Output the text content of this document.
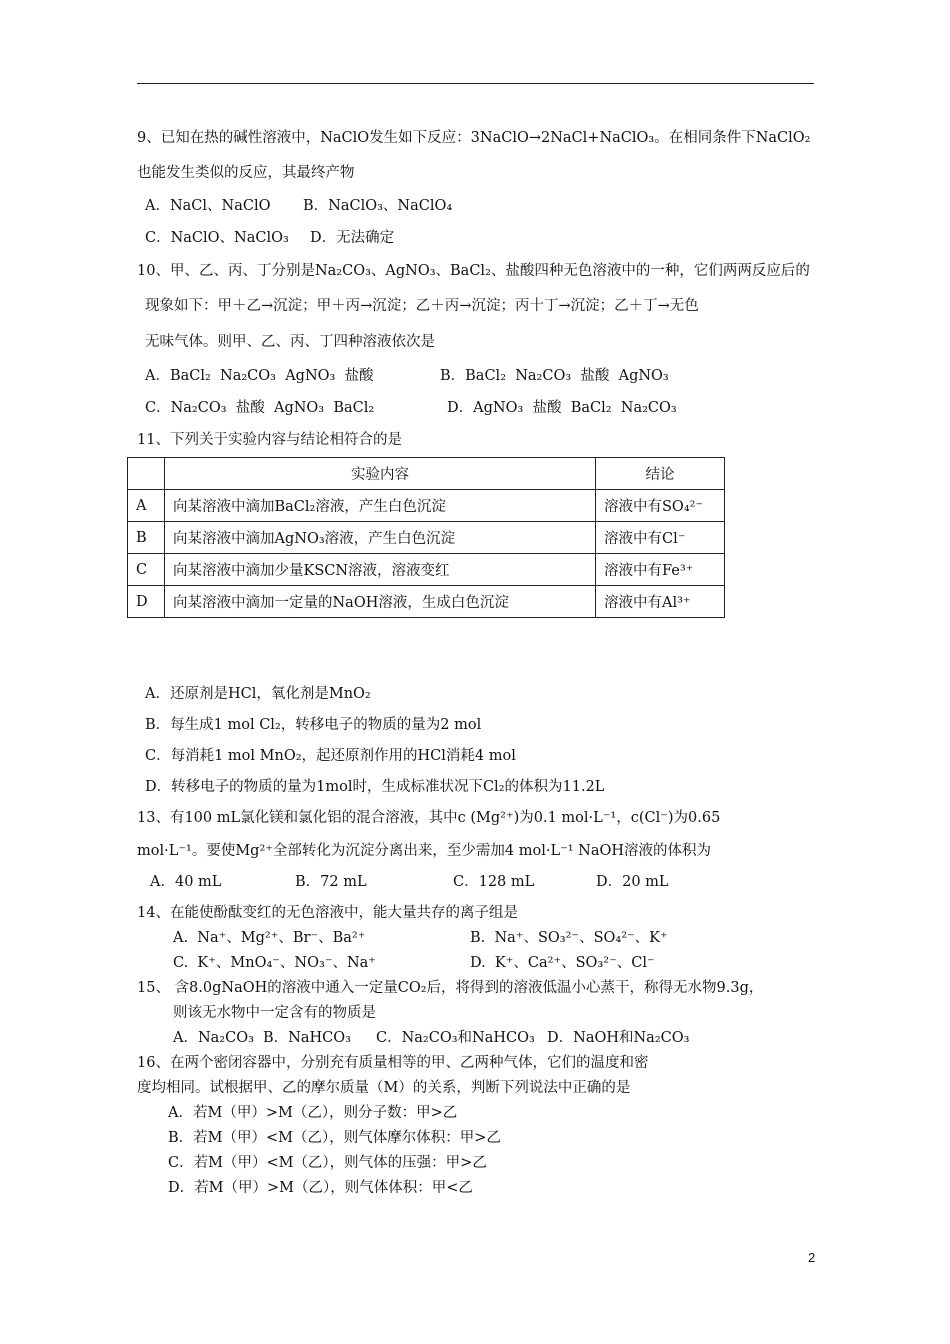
9、已知在热的碱性溶液中，NaClO发生如下反应：3NaClO→2NaCl+NaClO₃。在相同条件下NaClO₂
也能发生类似的反应，其最终产物
A．NaCl、NaClO B．NaClO₃、NaClO₄
C．NaClO、NaClO₃ D．无法确定
10、甲、乙、丙、丁分别是Na₂CO₃、AgNO₃、BaCl₂、盐酸四种无色溶液中的一种，它们两两反应后的
现象如下：甲＋乙→沉淀；甲＋丙→沉淀；乙＋丙→沉淀；丙十丁→沉淀；乙＋丁→无色
无味气体。则甲、乙、丙、丁四种溶液依次是
A．BaCl₂  Na₂CO₃  AgNO₃  盐酸	B．BaCl₂  Na₂CO₃  盐酸  AgNO₃
C．Na₂CO₃  盐酸  AgNO₃  BaCl₂	D．AgNO₃  盐酸  BaCl₂  Na₂CO₃
11、下列关于实验内容与结论相符合的是
	实验内容	结论
A	向某溶液中滴加BaCl₂溶液，产生白色沉淀	溶液中有SO₄²⁻
B	向某溶液中滴加AgNO₃溶液，产生白色沉淀	溶液中有Cl⁻
C	向某溶液中滴加少量KSCN溶液，溶液变红	溶液中有Fe³⁺
D	向某溶液中滴加一定量的NaOH溶液，生成白色沉淀	溶液中有Al³⁺
A．还原剂是HCl，氧化剂是MnO₂
B．每生成1 mol Cl₂，转移电子的物质的量为2 mol
C．每消耗1 mol MnO₂，起还原剂作用的HCl消耗4 mol
D．转移电子的物质的量为1mol时，生成标准状况下Cl₂的体积为11.2L
13、有100 mL氯化镁和氯化铝的混合溶液，其中c (Mg²⁺)为0.1 mol·L⁻¹，c(Cl⁻)为0.65
mol·L⁻¹。要使Mg²⁺全部转化为沉淀分离出来，至少需加4 mol·L⁻¹ NaOH溶液的体积为
A．40 mL	B．72 mL	C．128 mL	D．20 mL
14、在能使酚酞变红的无色溶液中，能大量共存的离子组是
A.  Na⁺、Mg²⁺、Br⁻、Ba²⁺	B.  Na⁺、SO₃²⁻、SO₄²⁻、K⁺
C.  K⁺、MnO₄⁻、NO₃⁻、Na⁺	D.  K⁺、Ca²⁺、SO₃²⁻、Cl⁻
15、 含8.0gNaOH的溶液中通入一定量CO₂后，将得到的溶液低温小心蒸干，称得无水物9.3g，
则该无水物中一定含有的物质是
A．Na₂CO₃ B．NaHCO₃ C．Na₂CO₃和NaHCO₃ D．NaOH和Na₂CO₃
16、在两个密闭容器中，分别充有质量相等的甲、乙两种气体，它们的温度和密
度均相同。试根据甲、乙的摩尔质量（M）的关系，判断下列说法中正确的是
A．若M（甲）>M（乙），则分子数：甲>乙
B．若M（甲）<M（乙），则气体摩尔体积：甲>乙
C．若M（甲）<M（乙），则气体的压强：甲>乙
D．若M（甲）>M（乙），则气体体积：甲<乙
2
